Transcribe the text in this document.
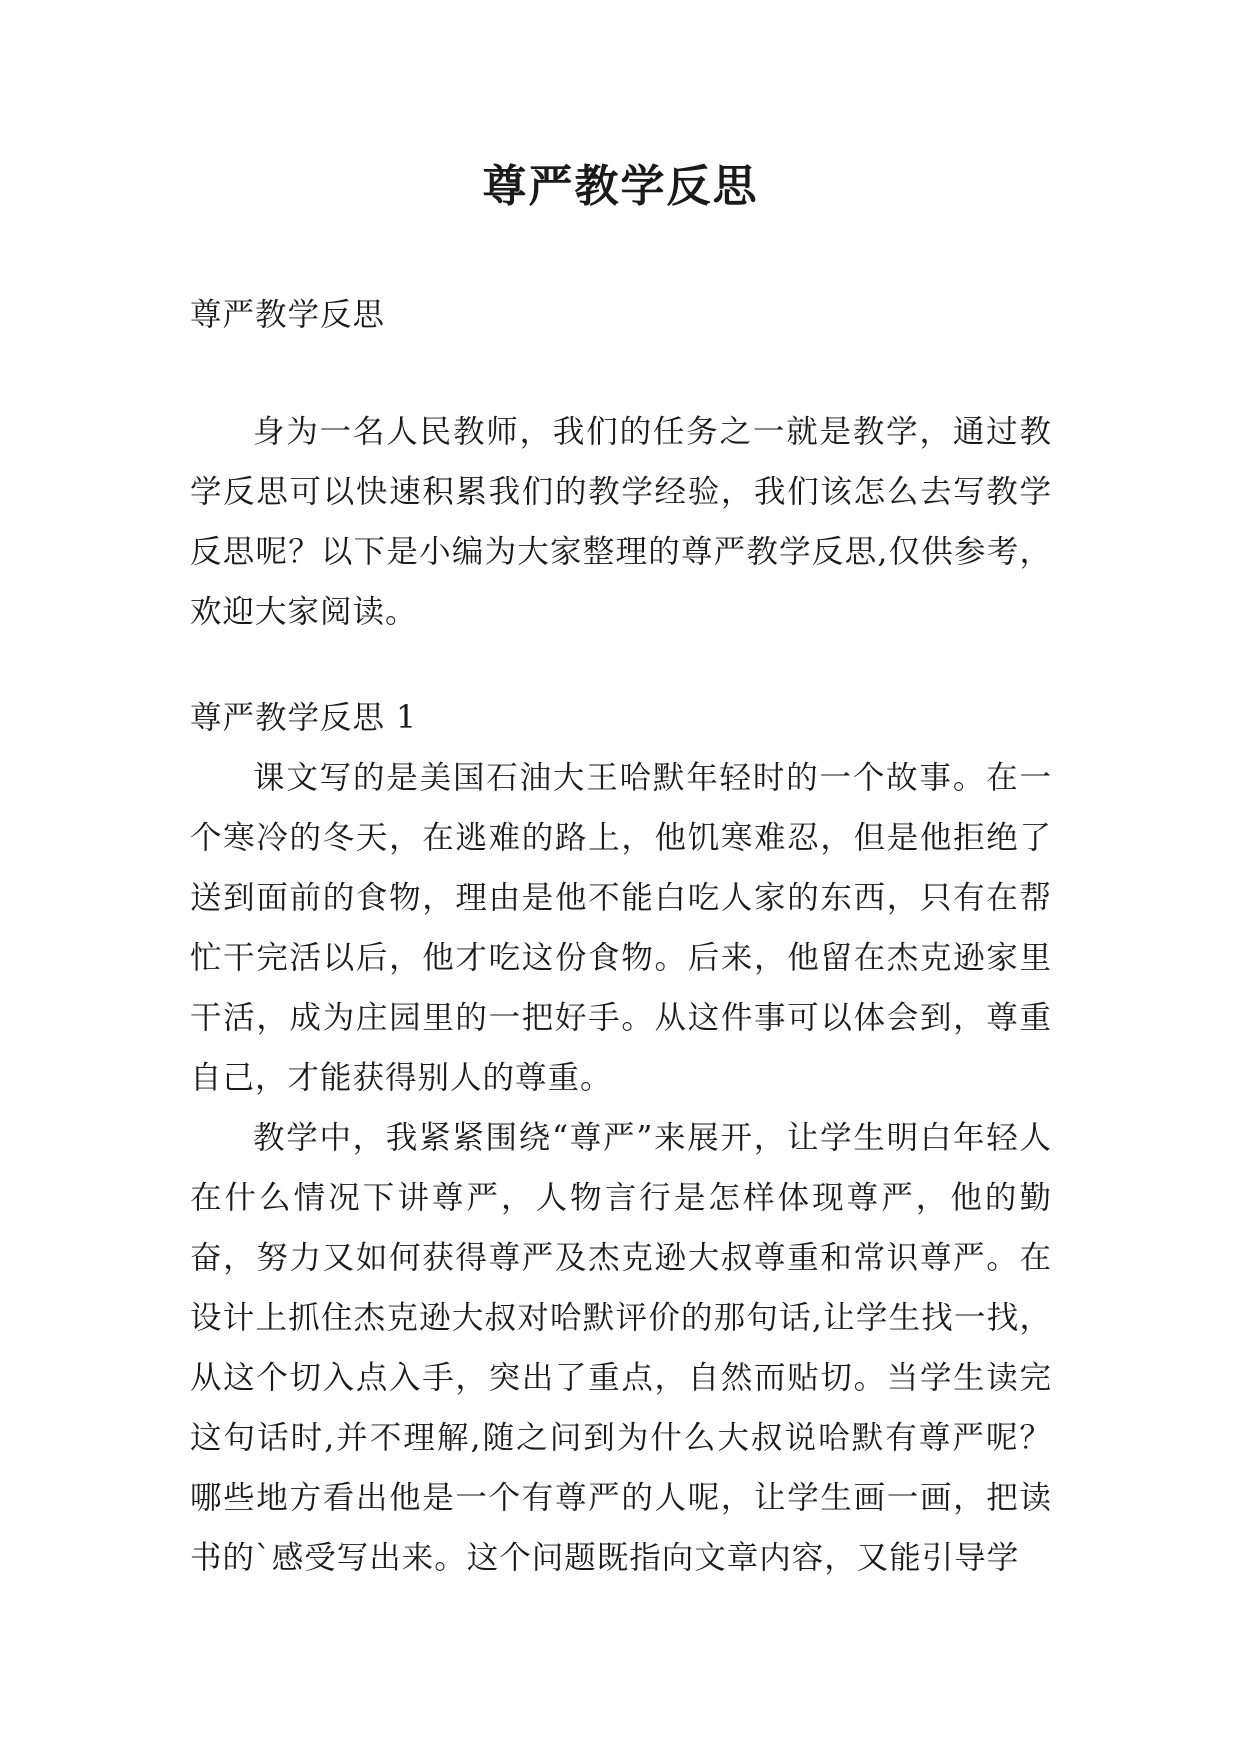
尊严教学反思
尊严教学反思

身为一名人民教师，我们的任务之一就是教学，通过教学反思可以快速积累我们的教学经验，我们该怎么去写教学反思呢？以下是小编为大家整理的尊严教学反思,仅供参考，欢迎大家阅读。

尊严教学反思 1

课文写的是美国石油大王哈默年轻时的一个故事。在一个寒冷的冬天，在逃难的路上，他饥寒难忍，但是他拒绝了送到面前的食物，理由是他不能白吃人家的东西，只有在帮忙干完活以后，他才吃这份食物。后来，他留在杰克逊家里干活，成为庄园里的一把好手。从这件事可以体会到，尊重自己，才能获得别人的尊重。

教学中，我紧紧围绕“尊严”来展开，让学生明白年轻人在什么情况下讲尊严，人物言行是怎样体现尊严，他的勤奋，努力又如何获得尊严及杰克逊大叔尊重和常识尊严。在设计上抓住杰克逊大叔对哈默评价的那句话,让学生找一找，从这个切入点入手，突出了重点，自然而贴切。当学生读完这句话时,并不理解,随之问到为什么大叔说哈默有尊严呢？哪些地方看出他是一个有尊严的人呢，让学生画一画，把读书的`感受写出来。这个问题既指向文章内容，又能引导学
